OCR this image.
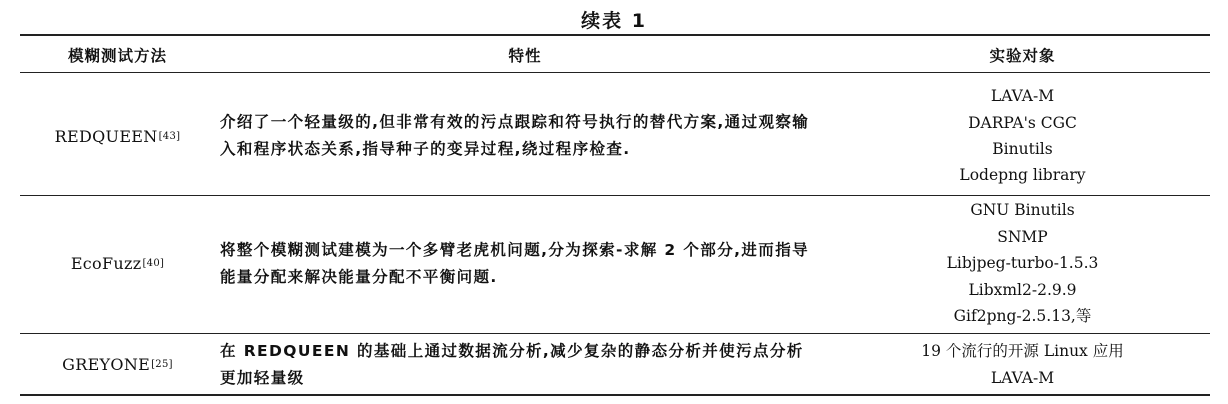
续表 1
模糊测试方法	特性	实验对象
REDQUEEN [43]
介绍了一个轻量级的,但非常有效的污点跟踪和符号执行的替代方案,通过观察输入和程序状态关系,指导种子的变异过程,绕过程序检查.
LAVA-M
DARPA's CGC
Binutils
Lodepng library
EcoFuzz [40]
将整个模糊测试建模为一个多臂老虎机问题,分为探索-求解 2 个部分,进而指导能量分配来解决能量分配不平衡问题.
GNU Binutils
SNMP
Libjpeg-turbo-1.5.3
Libxml2-2.9.9
Gif2png-2.5.13,等
GREYONE [25]
在 REDQUEEN 的基础上通过数据流分析,减少复杂的静态分析并使污点分析更加轻量级
19 个流行的开源 Linux 应用
LAVA-M
